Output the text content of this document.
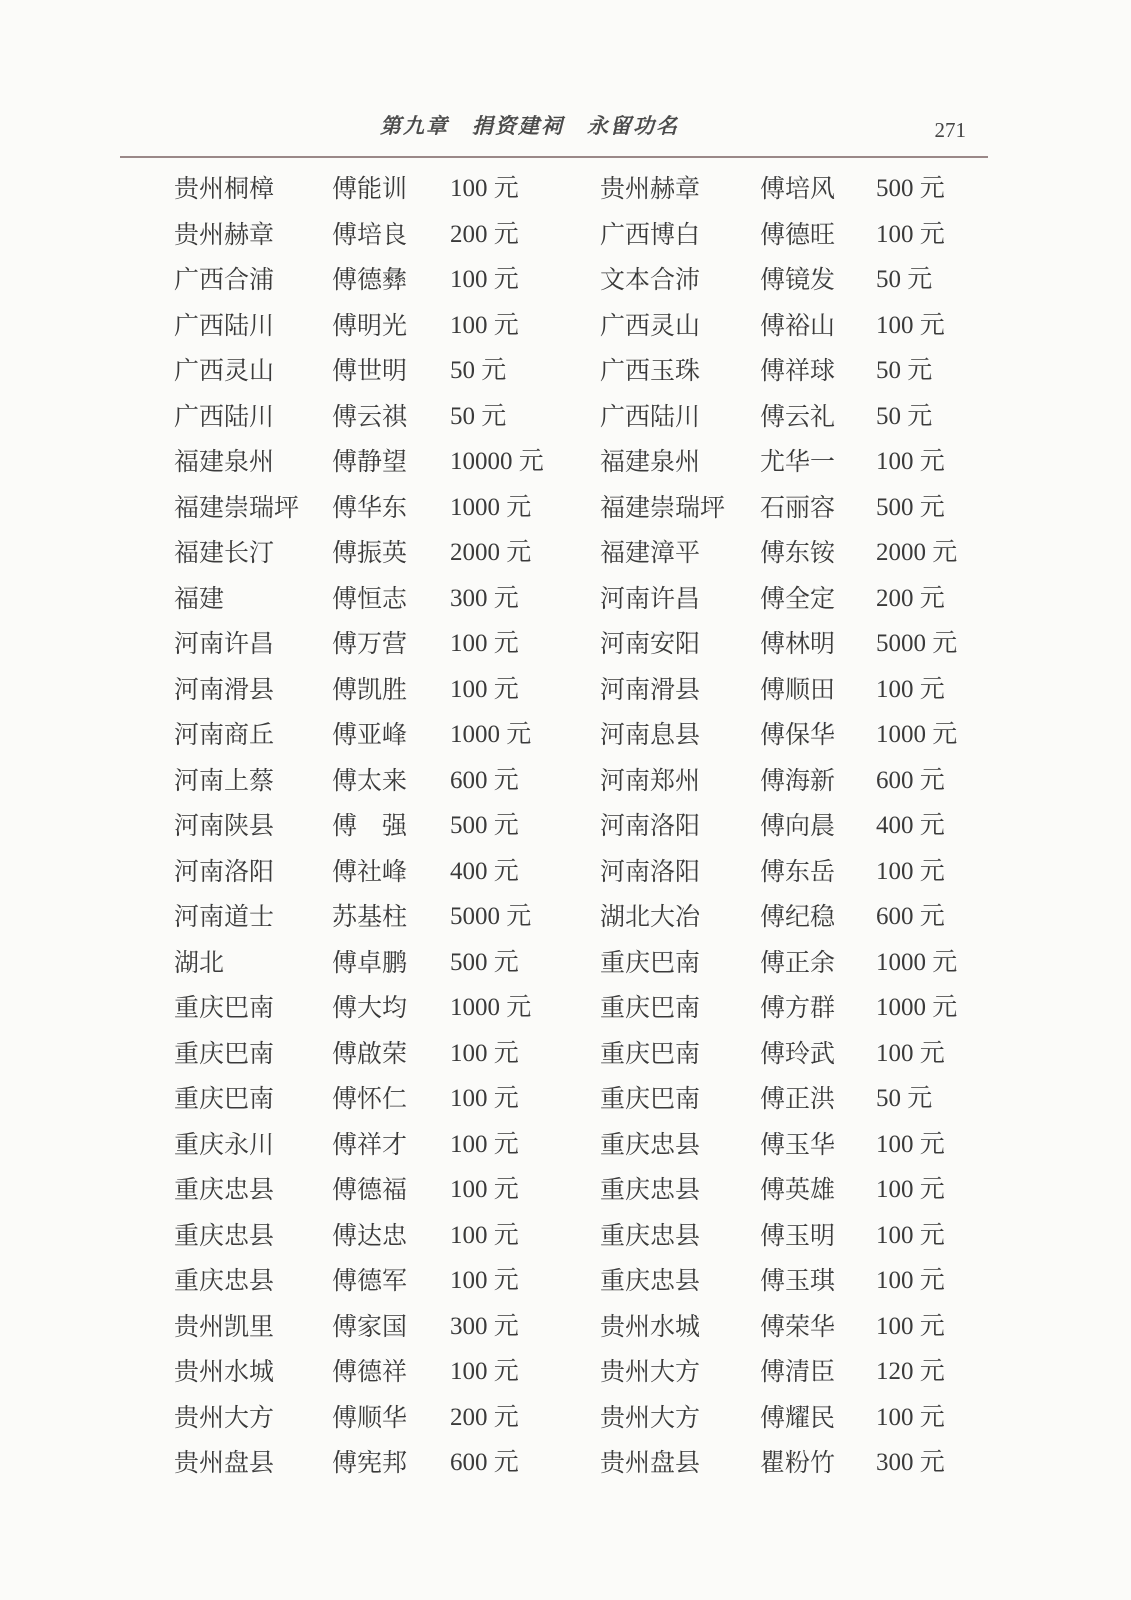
第九章　捐资建祠　永留功名	271
贵州桐樟 傅能训 100 元	贵州赫章 傅培风 500 元
贵州赫章 傅培良 200 元	广西博白 傅德旺 100 元
广西合浦 傅德彝 100 元	文本合沛 傅镜发 50 元
广西陆川 傅明光 100 元	广西灵山 傅裕山 100 元
广西灵山 傅世明 50 元	广西玉珠 傅祥球 50 元
广西陆川 傅云祺 50 元	广西陆川 傅云礼 50 元
福建泉州 傅静望 10000 元 福建泉州 尤华一 100 元
福建崇瑞坪 傅华东 1000 元	福建崇瑞坪 石丽容 500 元
福建长汀 傅振英 2000 元	福建漳平 傅东铵 2000 元
福建	傅恒志 300 元	河南许昌 傅全定 200 元
河南许昌 傅万营 100 元	河南安阳 傅林明 5000 元
河南滑县 傅凯胜 100 元	河南滑县 傅顺田 100 元
河南商丘 傅亚峰 1000 元	河南息县 傅保华 1000 元
河南上蔡 傅太来 600 元	河南郑州 傅海新 600 元
河南陕县 傅　强 500 元	河南洛阳 傅向晨 400 元
河南洛阳 傅社峰 400 元	河南洛阳 傅东岳 100 元
河南道士 苏基柱 5000 元	湖北大冶 傅纪稳 600 元
湖北	傅卓鹏 500 元	重庆巴南 傅正余 1000 元
重庆巴南 傅大均 1000 元	重庆巴南 傅方群 1000 元
重庆巴南 傅啟荣 100 元	重庆巴南 傅玲武 100 元
重庆巴南 傅怀仁 100 元	重庆巴南 傅正洪 50 元
重庆永川 傅祥才 100 元	重庆忠县 傅玉华 100 元
重庆忠县 傅德福 100 元	重庆忠县 傅英雄 100 元
重庆忠县 傅达忠 100 元	重庆忠县 傅玉明 100 元
重庆忠县 傅德军 100 元	重庆忠县 傅玉琪 100 元
贵州凯里 傅家国 300 元	贵州水城 傅荣华 100 元
贵州水城 傅德祥 100 元	贵州大方 傅清臣 120 元
贵州大方 傅顺华 200 元	贵州大方 傅耀民 100 元
贵州盘县 傅宪邦 600 元	贵州盘县 瞿粉竹 300 元
